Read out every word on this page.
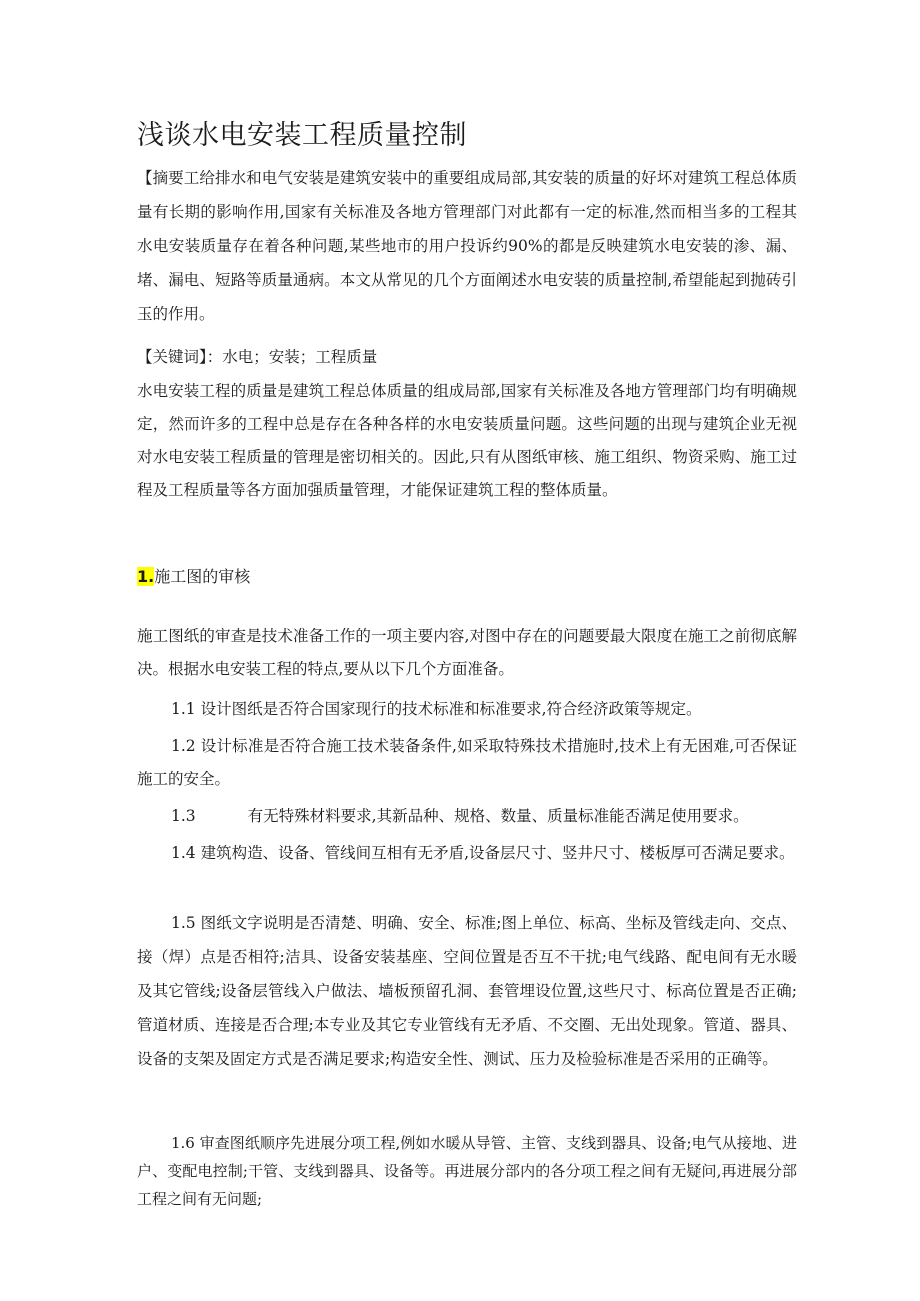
浅谈水电安装工程质量控制

【摘要工给排水和电气安装是建筑安装中的重要组成局部,其安装的质量的好坏对建筑工程总体质量有长期的影响作用,国家有关标准及各地方管理部门对此都有一定的标准,然而相当多的工程其水电安装质量存在着各种问题,某些地市的用户投诉约90%的都是反映建筑水电安装的渗、漏、堵、漏电、短路等质量通病。本文从常见的几个方面阐述水电安装的质量控制,希望能起到抛砖引玉的作用。

【关键词】：水电；安装；工程质量

水电安装工程的质量是建筑工程总体质量的组成局部,国家有关标准及各地方管理部门均有明确规定，然而许多的工程中总是存在各种各样的水电安装质量问题。这些问题的出现与建筑企业无视对水电安装工程质量的管理是密切相关的。因此,只有从图纸审核、施工组织、物资采购、施工过程及工程质量等各方面加强质量管理，才能保证建筑工程的整体质量。

1.施工图的审核

施工图纸的审查是技术准备工作的一项主要内容,对图中存在的问题要最大限度在施工之前彻底解决。根据水电安装工程的特点,要从以下几个方面准备。

1.1 设计图纸是否符合国家现行的技术标准和标准要求,符合经济政策等规定。

1.2 设计标准是否符合施工技术装备条件,如采取特殊技术措施时,技术上有无困难,可否保证施工的安全。

1.3	有无特殊材料要求,其新品种、规格、数量、质量标准能否满足使用要求。

1.4 建筑构造、设备、管线间互相有无矛盾,设备层尺寸、竖井尺寸、楼板厚可否满足要求。

1.5 图纸文字说明是否清楚、明确、安全、标准;图上单位、标高、坐标及管线走向、交点、接（焊）点是否相符;洁具、设备安装基座、空间位置是否互不干扰;电气线路、配电间有无水暖及其它管线;设备层管线入户做法、墙板预留孔洞、套管埋设位置,这些尺寸、标高位置是否正确;管道材质、连接是否合理;本专业及其它专业管线有无矛盾、不交圈、无出处现象。管道、器具、设备的支架及固定方式是否满足要求;构造安全性、测试、压力及检验标准是否采用的正确等。

1.6 审查图纸顺序先进展分项工程,例如水暖从导管、主管、支线到器具、设备;电气从接地、进户、变配电控制;干管、支线到器具、设备等。再进展分部内的各分项工程之间有无疑问,再进展分部工程之间有无问题;
